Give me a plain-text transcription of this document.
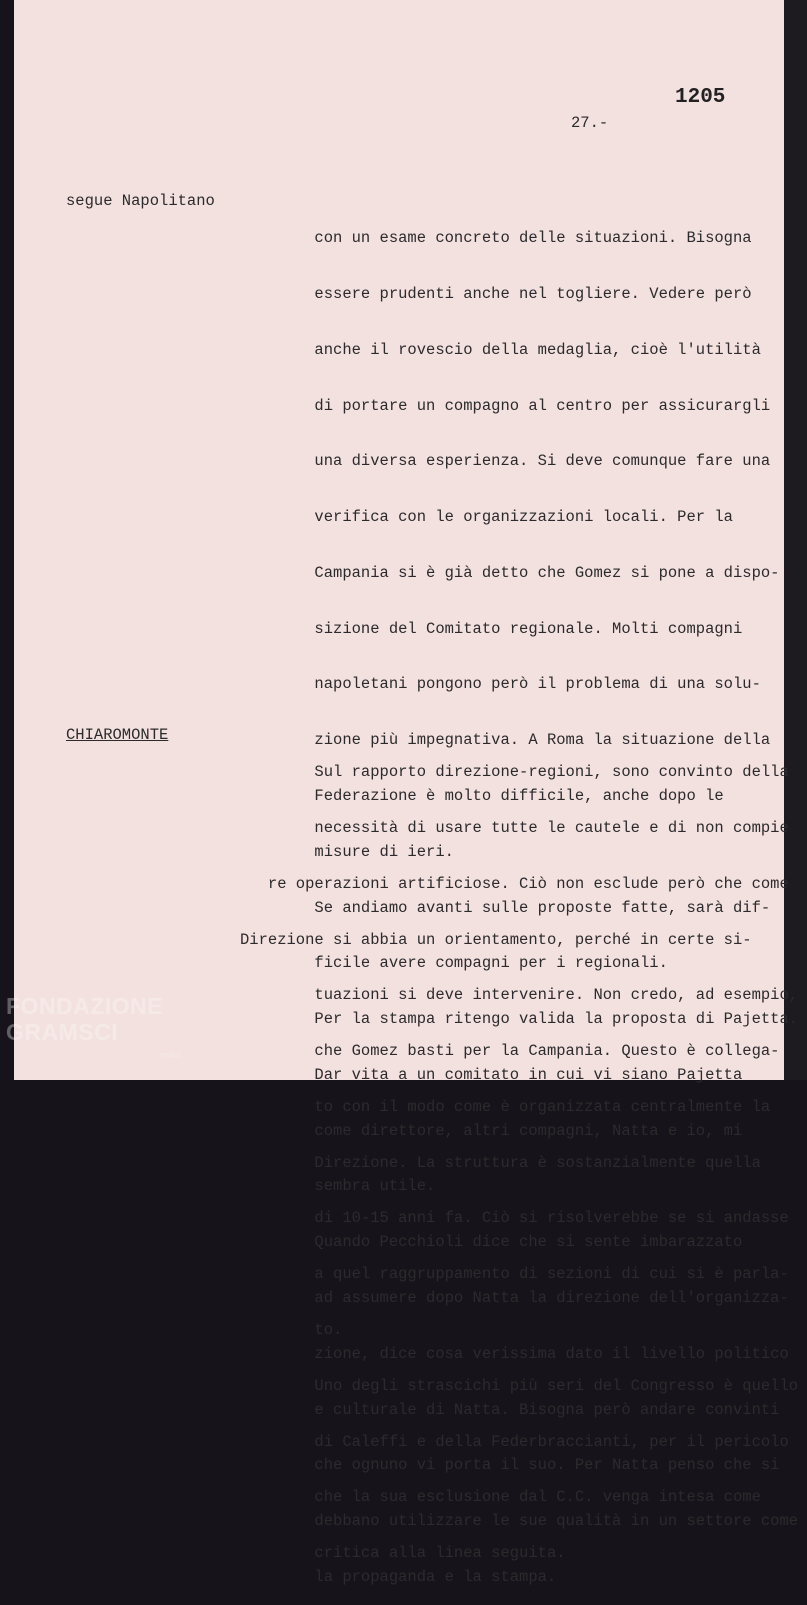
1205
27.-
segue Napolitano

con un esame concreto delle situazioni. Bisogna

essere prudenti anche nel togliere. Vedere però

anche il rovescio della medaglia, cioè l'utilità

di portare un compagno al centro per assicurargli

una diversa esperienza. Si deve comunque fare una

verifica con le organizzazioni locali. Per la

Campania si è già detto che Gomez si pone a dispo-

sizione del Comitato regionale. Molti compagni

napoletani pongono però il problema di una solu-

zione più impegnativa. A Roma la situazione della

Federazione è molto difficile, anche dopo le

misure di ieri.

Se andiamo avanti sulle proposte fatte, sarà dif-

ficile avere compagni per i regionali.

Per la stampa ritengo valida la proposta di Pajetta.

Dar vita a un comitato in cui vi siano Pajetta

come direttore, altri compagni, Natta e io, mi

sembra utile.

Quando Pecchioli dice che si sente imbarazzato

ad assumere dopo Natta la direzione dell'organizza-

zione, dice cosa verissima dato il livello politico

e culturale di Natta. Bisogna però andare convinti

che ognuno vi porta il suo. Per Natta penso che si

debbano utilizzare le sue qualità in un settore come

la propaganda e la stampa.

CHIAROMONTE

Sul rapporto direzione-regioni, sono convinto della

necessità di usare tutte le cautele e di non compie

re operazioni artificiose. Ciò non esclude però che come

Direzione si abbia un orientamento, perché in certe si-

tuazioni si deve intervenire. Non credo, ad esempio,

che Gomez basti per la Campania. Questo è collega-

to con il modo come è organizzata centralmente la

Direzione. La struttura è sostanzialmente quella

di 10-15 anni fa. Ciò si risolverebbe se si andasse

a quel raggruppamento di sezioni di cui si è parla-

to.

Uno degli strascichi più seri del Congresso è quello

di Caleffi e della Federbraccianti, per il pericolo

che la sua esclusione dal C.C. venga intesa come

critica alla linea seguita.

FONDAZIONE
GRAMSCI
onlus
